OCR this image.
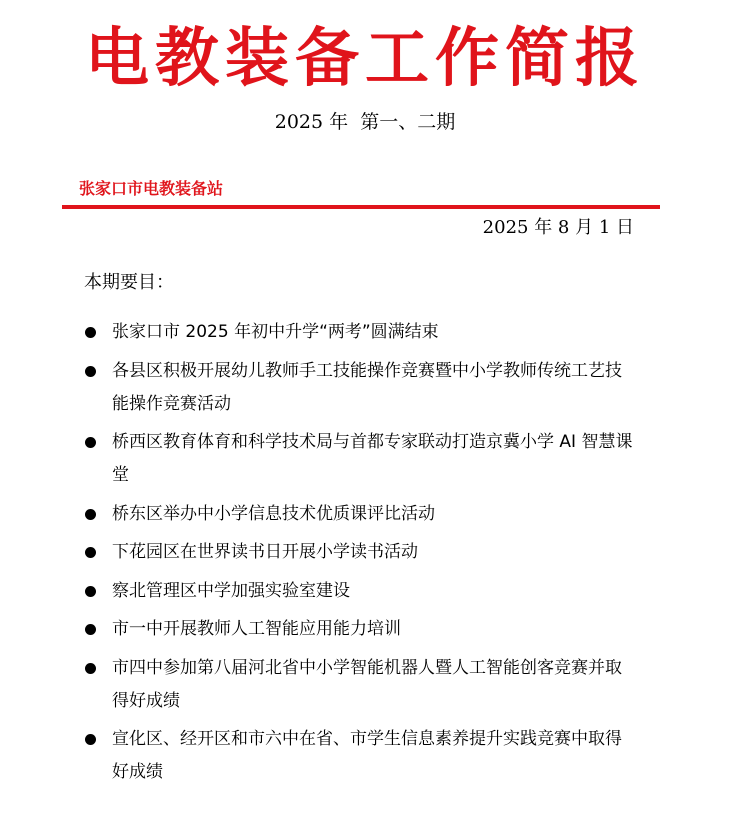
电教装备工作简报
2025 年  第一、二期
张家口市电教装备站
2025 年 8 月 1 日
本期要目：
张家口市 2025 年初中升学“两考”圆满结束
各县区积极开展幼儿教师手工技能操作竞赛暨中小学教师传统工艺技能操作竞赛活动
桥西区教育体育和科学技术局与首都专家联动打造京冀小学 AI 智慧课堂
桥东区举办中小学信息技术优质课评比活动
下花园区在世界读书日开展小学读书活动
察北管理区中学加强实验室建设
市一中开展教师人工智能应用能力培训
市四中参加第八届河北省中小学智能机器人暨人工智能创客竞赛并取得好成绩
宣化区、经开区和市六中在省、市学生信息素养提升实践竞赛中取得好成绩
